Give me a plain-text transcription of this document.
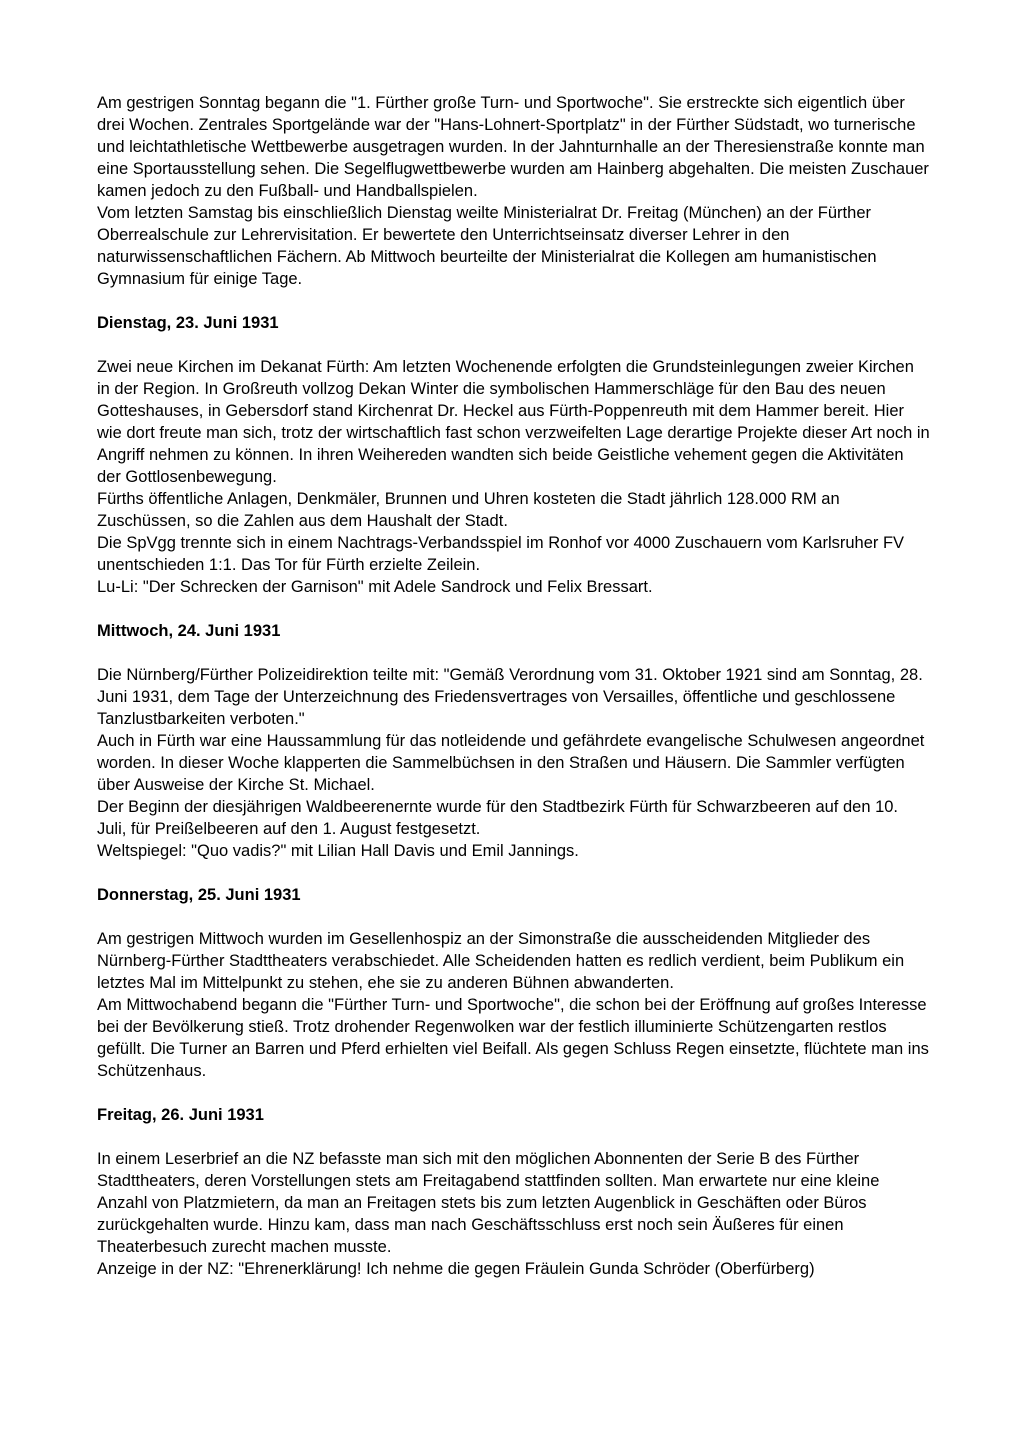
Am gestrigen Sonntag begann die "1. Fürther große Turn- und Sportwoche". Sie erstreckte sich eigentlich über drei Wochen. Zentrales Sportgelände war der "Hans-Lohnert-Sportplatz" in der Fürther Südstadt, wo turnerische und leichtathletische Wettbewerbe ausgetragen wurden. In der Jahnturnhalle an der Theresienstraße konnte man eine Sportausstellung sehen. Die Segelflugwettbewerbe wurden am Hainberg abgehalten. Die meisten Zuschauer kamen jedoch zu den Fußball- und Handballspielen.

Vom letzten Samstag bis einschließlich Dienstag weilte Ministerialrat Dr. Freitag (München) an der Fürther Oberrealschule zur Lehrervisitation. Er bewertete den Unterrichtseinsatz diverser Lehrer in den naturwissenschaftlichen Fächern. Ab Mittwoch beurteilte der Ministerialrat die Kollegen am humanistischen Gymnasium für einige Tage.

Dienstag, 23. Juni 1931

Zwei neue Kirchen im Dekanat Fürth: Am letzten Wochenende erfolgten die Grundsteinlegungen zweier Kirchen in der Region. In Großreuth vollzog Dekan Winter die symbolischen Hammerschläge für den Bau des neuen Gotteshauses, in Gebersdorf stand Kirchenrat Dr. Heckel aus Fürth-Poppenreuth mit dem Hammer bereit. Hier wie dort freute man sich, trotz der wirtschaftlich fast schon verzweifelten Lage derartige Projekte dieser Art noch in Angriff nehmen zu können. In ihren Weihereden wandten sich beide Geistliche vehement gegen die Aktivitäten der Gottlosenbewegung.

Fürths öffentliche Anlagen, Denkmäler, Brunnen und Uhren kosteten die Stadt jährlich 128.000 RM an Zuschüssen, so die Zahlen aus dem Haushalt der Stadt.

Die SpVgg trennte sich in einem Nachtrags-Verbandsspiel im Ronhof vor 4000 Zuschauern vom Karlsruher FV unentschieden 1:1. Das Tor für Fürth erzielte Zeilein.

Lu-Li: "Der Schrecken der Garnison" mit Adele Sandrock und Felix Bressart.

Mittwoch, 24. Juni 1931

Die Nürnberg/Fürther Polizeidirektion teilte mit: "Gemäß Verordnung vom 31. Oktober 1921 sind am Sonntag, 28. Juni 1931, dem Tage der Unterzeichnung des Friedensvertrages von Versailles, öffentliche und geschlossene Tanzlustbarkeiten verboten."

Auch in Fürth war eine Haussammlung für das notleidende und gefährdete evangelische Schulwesen angeordnet worden. In dieser Woche klapperten die Sammelbüchsen in den Straßen und Häusern. Die Sammler verfügten über Ausweise der Kirche St. Michael.

Der Beginn der diesjährigen Waldbeerenernte wurde für den Stadtbezirk Fürth für Schwarzbeeren auf den 10. Juli, für Preißelbeeren auf den 1. August festgesetzt.

Weltspiegel: "Quo vadis?" mit Lilian Hall Davis und Emil Jannings.

Donnerstag, 25. Juni 1931

Am gestrigen Mittwoch wurden im Gesellenhospiz an der Simonstraße die ausscheidenden Mitglieder des Nürnberg-Fürther Stadttheaters verabschiedet. Alle Scheidenden hatten es redlich verdient, beim Publikum ein letztes Mal im Mittelpunkt zu stehen, ehe sie zu anderen Bühnen abwanderten.

Am Mittwochabend begann die "Fürther Turn- und Sportwoche", die schon bei der Eröffnung auf großes Interesse bei der Bevölkerung stieß. Trotz drohender Regenwolken war der festlich illuminierte Schützengarten restlos gefüllt. Die Turner an Barren und Pferd erhielten viel Beifall. Als gegen Schluss Regen einsetzte, flüchtete man ins Schützenhaus.

Freitag, 26. Juni 1931

In einem Leserbrief an die NZ befasste man sich mit den möglichen Abonnenten der Serie B des Fürther Stadttheaters, deren Vorstellungen stets am Freitagabend stattfinden sollten. Man erwartete nur eine kleine Anzahl von Platzmietern, da man an Freitagen stets bis zum letzten Augenblick in Geschäften oder Büros zurückgehalten wurde. Hinzu kam, dass man nach Geschäftsschluss erst noch sein Äußeres für einen Theaterbesuch zurecht machen musste.

Anzeige in der NZ: "Ehrenerklärung! Ich nehme die gegen Fräulein Gunda Schröder (Oberfürberg)
